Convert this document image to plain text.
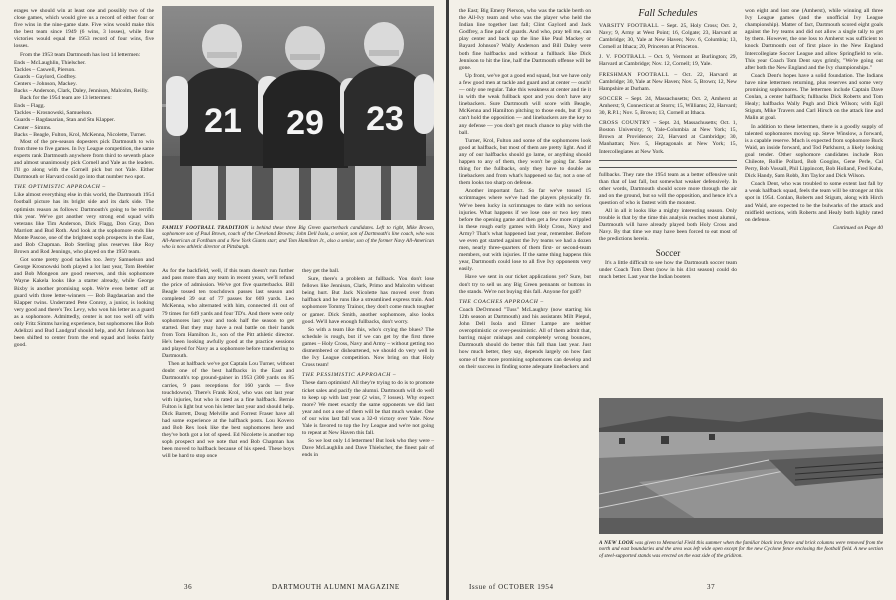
erages we should win at least one and possibly two of the close games, which would give us a record of either four or five wins in the nine-game slate. Five wins would make this the best team since 1949 (6 wins, 3 losses), while four victories would equal the 1953 record of four wins, five losses.

From the 1953 team Dartmouth has lost 14 lettermen:

Ends – McLaughlin, Thielscher.
Tackles – Caswell, Pierson.
Guards – Gaylord, Godfrey.
Centers – Johnson, Mackey.
Backs – Anderson, Clark, Daley, Jennison, Malcolm, Reilly.

Back for the 1954 team are 13 lettermen:

Ends – Flagg.
Tackles – Krosnowski, Samuelson.
Guards – Bagdasarian, Stan and Stu Klapper.
Center – Simms.
Backs – Beagle, Fulton, Krol, McKenna, Nicolette, Turner.

Most of the pre-season dopesters pick Dartmouth to win from three to five games. In Ivy League competition, the same experts rank Dartmouth anywhere from third to seventh place and almost unanimously pick Cornell and Yale as the leaders. I'll go along with the Cornell pick but not Yale. Either Dartmouth or Harvard could go into that number two spot.

THE OPTIMISTIC APPROACH –

Like almost everything else in this world, the Dartmouth 1954 football picture has its bright side and its dark side. The optimists reason as follows: Dartmouth's going to be terrific this year. We've got another very strong end squad with veterans like Tim Anderson, Dick Flagg, Don Gray, Don Marriott and Bud Roth. And look at the sophomore ends like Monte Pascoe, one of the brightest soph prospects in the East, and Bob Chapman. Bob Sterling plus reserves like Roy Brown and Rod Jennings, who played on the 1950 team.

Got some pretty good tackles too. Jerry Samuelson and George Krosnowski both played a lot last year, Tom Beebler and Bob Mongeon are good reserves, and this sophomore Wayne Kakela looks like a starter already, while George Bixby is another promising soph. We're even better off at guard with three letter-winners — Bob Bagdasarian and the Klapper twins. Underrated Pete Conroy, a junior, is looking very good and there's Tex Levy, who won his letter as a guard as a sophomore. Admittedly, center is not too well off with only Fritz Simms having experience, but sophomores like Bob Adelizzi and Bud Landgraf should help, and Art Johnson has been shifted to center from the end squad and looks fairly good.

21 29 23
FAMILY FOOTBALL TRADITION is behind these three Big Green quarterback candidates. Left to right, Mike Brown, sophomore son of Paul Brown, coach of the Cleveland Browns; John Dell Isola, a senior, son of Dartmouth's line coach, who was All-American at Fordham and a New York Giants star; and Tom Hamilton Jr., also a senior, son of the former Navy All-American who is now athletic director at Pittsburgh.

As for the backfield, well, if this team doesn't run further and pass more than any team in recent years, we'll refund the price of admission. We've got five quarterbacks. Bill Beagle tossed ten touchdown passes last season and completed 39 out of 77 passes for 669 yards. Leo McKenna, who alternated with him, connected 41 out of 79 times for 649 yards and four TD's. And there were only sophomores last year and took half the season to get started. But they may have a real battle on their hands from Tom Hamilton Jr., son of the Pitt athletic director. He's been looking awfully good at the practice sessions and played for Navy as a sophomore before transferring to Dartmouth.

Then at halfback we've got Captain Lou Turner, without doubt one of the best halfbacks in the East and Dartmouth's top ground-gainer in 1953 (300 yards on 85 carries, 9 pass receptions for 160 yards — five touchdowns). There's Frank Krol, who was out last year with injuries, but who is rated as a fine halfback. Bernie Fulton is light but won his letter last year and should help. Dick Barrett, Doug Melville and Forrest Fraser have all had some experience at the halfback posts. Lou Kovero and Bob Rex look like the best sophomores here and they've both got a lot of speed. Ed Nicolette is another top soph prospect and we note that end Bob Chapman has been moved to halfback because of his speed. These boys will be hard to stop once

they get the ball.

Sure, there's a problem at fullback. You don't lose fellows like Jennison, Clark, Primo and Malcolm without being hurt. But Jack Nicolette has moved over from halfback and he runs like a streamlined express train. And sophomore Tommy Trainor, they don't come much tougher or gamer. Dick Smith, another sophomore, also looks good. We'll have enough fullbacks, don't worry.

So with a team like this, who's crying the blues? The schedule is rough, but if we can get by the first three games – Holy Cross, Navy and Army – without getting too dismembered or disheartened, we should do very well in the Ivy League competition. Now bring on that Holy Cross team!

THE PESSIMISTIC APPROACH –

These darn optimists! All they're trying to do is to promote ticket sales and pacify the alumni. Dartmouth will do well to keep up with last year (2 wins, 7 losses). Why expect more? We meet exactly the same opponents we did last year and not a one of them will be that much weaker. One of our wins last fall was a 32-0 victory over Yale. Now Yale is favored to top the Ivy League and we're not going to repeat at New Haven this fall.

So we lost only 14 lettermen! But look who they were – Dave McLaughlin and Dave Thielscher, the finest pair of ends in

36	DARTMOUTH ALUMNI MAGAZINE

the East; Big Emery Pierson, who was the tackle berth on the All-Ivy team and who was the player who held the Indian line together last fall; Clint Gaylord and Jack Godfrey, a fine pair of guards. And who, pray tell me, can play center and back up the line like Paul Mackey or Bayard Johnson? Wally Anderson and Bill Daley were both fine halfbacks and without a fullback like Dick Jennison to hit the line, half the Dartmouth offense will be gone.

Up front, we've got a good end squad, but we have only a few good men at tackle and guard and at center — ouch! — only one regular. Take this weakness at center and tie it in with the weak fullback spot and you don't have any linebackers. Sure Dartmouth will score with Beagle, McKenna and Hamilton pitching to those ends, but if you can't hold the opposition — and linebackers are the key to any defense — you don't get much chance to play with the ball.

Turner, Krol, Fulton and some of the sophomores look good at halfback, but most of them are pretty light. And if any of our halfbacks should go lame, or anything should happen to any of them, they won't be going far. Same thing for the fullbacks, only they have to double as linebackers and from what's happened so far, not a one of them looks too sharp on defense.

Another important fact. So far we've tossed 15 scrimmages where we've had the players physically fit. We've been lucky in scrimmages to date with no serious injuries. What happens if we lose one or two key men before the opening game and then get a few more crippled in these rough early games with Holy Cross, Navy and Army? That's what happened last year, remember. Before we even got started against the Ivy teams we had a dozen men, nearly three-quarters of them first- or second-team members, out with injuries. If the same thing happens this year, Dartmouth could lose to all five Ivy opponents very easily.

Have we sent in our ticket applications yet? Sure, but don't try to sell us any Big Green pennants or buttons in the stands. We're not buying this fall. Anyone for golf?

THE COACHES APPROACH –

Coach DeOrmond "Tuss" McLaughry (now starting his 12th season at Dartmouth) and his assistants Milt Piepul, John Dell Isola and Elmer Lampe are neither overoptimistic or over-pessimistic. All of them admit that, barring major mishaps and completely wrong bounces, Dartmouth should do better this fall than last year. Just how much better, they say, depends largely on how fast some of the more promising sophomores can develop and on their success in finding some adequate linebackers and

Fall Schedules
VARSITY FOOTBALL – Sept. 25, Holy Cross; Oct. 2, Navy; 9, Army at West Point; 16, Colgate; 23, Harvard at Cambridge; 30, Yale at New Haven; Nov. 6, Columbia; 13, Cornell at Ithaca; 20, Princeton at Princeton.
J. V. FOOTBALL – Oct. 9, Vermont at Burlington; 29, Harvard at Cambridge; Nov. 12, Cornell; 19, Yale.
FRESHMAN FOOTBALL – Oct. 22, Harvard at Cambridge; 30, Yale at New Haven; Nov. 5, Brown; 12, New Hampshire at Durham.
SOCCER – Sept. 24, Massachusetts; Oct. 2, Amherst at Amherst; 9, Connecticut at Storrs; 15, Williams; 22, Harvard; 30, R.P.I.; Nov. 5, Brown; 13, Cornell at Ithaca.
CROSS COUNTRY – Sept. 24, Massachusetts; Oct. 1, Boston University; 9, Yale-Columbia at New York; 15, Brown at Providence; 22, Harvard at Cambridge; 30, Manhattan; Nov. 5, Heptagonals at New York; 15, Intercollegiates at New York.

fullbacks. They rate the 1954 team as a better offensive unit than that of last fall, but somewhat weaker defensively. In other words, Dartmouth should score more through the air and on the ground, but so will the opposition, and hence it's a question of who is fastest with the moutest.

All in all it looks like a mighty interesting season. Only trouble is that by the time this analysis reaches most alumni, Dartmouth will have already played both Holy Cross and Navy. By that time we may have been forced to eat most of the predictions herein.

Soccer

It's a little difficult to see how the Dartmouth soccer team under Coach Tom Dent (now in his 41st season) could do much better. Last year the Indian booters

won eight and lost one (Amherst), while winning all three Ivy League games (and the unofficial Ivy League championship). Matter of fact, Dartmouth scored eight goals against the Ivy teams and did not allow a single tally to get by them. However, the one loss to Amherst was sufficient to knock Dartmouth out of first place in the New England Intercollegiate Soccer League and allow Springfield to win. This year Coach Tom Dent says grimly, "We're going out after both the New England and the Ivy championships."

Coach Dent's hopes have a solid foundation. The Indians have nine lettermen returning, plus reserves and some very promising sophomores. The lettermen include Captain Dave Conlan, a center halfback; fullbacks Dick Roberts and Tom Healy; halfbacks Wally Pugh and Dick Wilson; with Egil Stigum, Mike Travers and Carl Hirsch on the attack line and Malin at goal.

In addition to these lettermen, there is a goodly supply of talented sophomores moving up. Steve Winslow, a forward, is a capable reserve. Much is expected from sophomore Buck Waid, an inside forward, and Tod Parkhurst, a likely looking goal tender. Other sophomore candidates include Ron Chileote, Rollie Pollard, Bob Googins, Gene Perle, Cal Perry, Bob Vossall, Phil Lippincott, Bob Holland, Fred Kuhn, Dick Handy, Sam Robb, Jim Taylor and Dick Wilson.

Coach Dent, who was troubled to some extent last fall by a weak halfback squad, feels the team will be stronger at this spot in 1954. Conlan, Roberts and Stigum, along with Hirch and Waid, are expected to be the bulwarks of the attack and midfield sections, with Roberts and Healy both highly rated on defense.

Continued on Page 40

A NEW LOOK was given to Memorial Field this summer when the familiar black iron fence and brick columns were removed from the north and east boundaries and the area was left wide open except for the new Cyclone fence enclosing the football field. A new section of steel-supported stands was erected on the east side of the gridiron.
Issue of OCTOBER 1954	37
